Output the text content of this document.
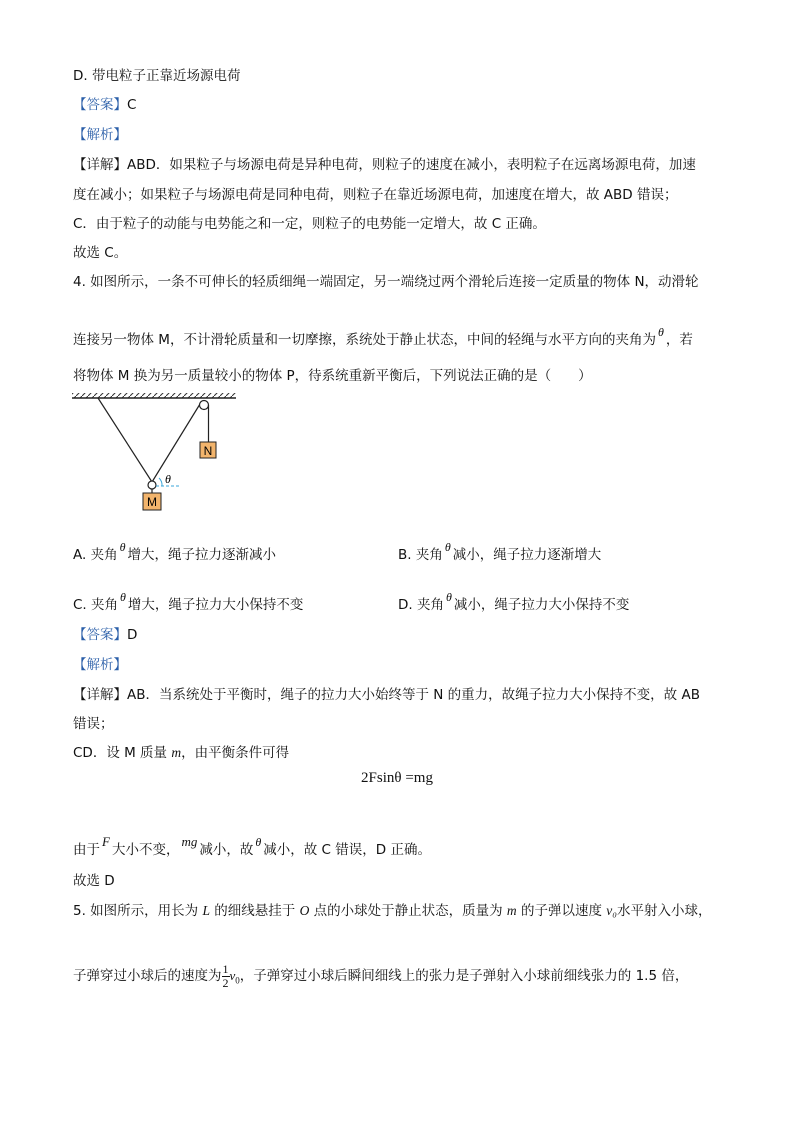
D. 带电粒子正靠近场源电荷
【答案】C
【解析】
【详解】ABD．如果粒子与场源电荷是异种电荷，则粒子的速度在减小，表明粒子在远离场源电荷，加速
度在减小；如果粒子与场源电荷是同种电荷，则粒子在靠近场源电荷，加速度在增大，故 ABD 错误；
C．由于粒子的动能与电势能之和一定，则粒子的电势能一定增大，故 C 正确。
故选 C。
4. 如图所示，一条不可伸长的轻质细绳一端固定，另一端绕过两个滑轮后连接一定质量的物体 N，动滑轮
连接另一物体 M，不计滑轮质量和一切摩擦，系统处于静止状态，中间的轻绳与水平方向的夹角为 θ ，若
将物体 M 换为另一质量较小的物体 P，待系统重新平衡后，下列说法正确的是（　　）
N
θ
M
A. 夹角 θ 增大，绳子拉力逐渐减小	B. 夹角 θ 减小，绳子拉力逐渐增大
C. 夹角 θ 增大，绳子拉力大小保持不变	D. 夹角 θ 减小，绳子拉力大小保持不变
【答案】D
【解析】
【详解】AB．当系统处于平衡时，绳子的拉力大小始终等于 N 的重力，故绳子拉力大小保持不变，故 AB
错误；
CD．设 M 质量 m，由平衡条件可得
2Fsinθ =mg
由于F大小不变，mg减小，故 θ 减小，故 C 错误，D 正确。
故选 D
5. 如图所示，用长为 L 的细线悬挂于 O 点的小球处于静止状态，质量为 m 的子弹以速度 v₀水平射入小球，
子弹穿过小球后的速度为 $\frac{1}{2} v_0$，子弹穿过小球后瞬间细线上的张力是子弹射入小球前细线张力的 1.5 倍，
